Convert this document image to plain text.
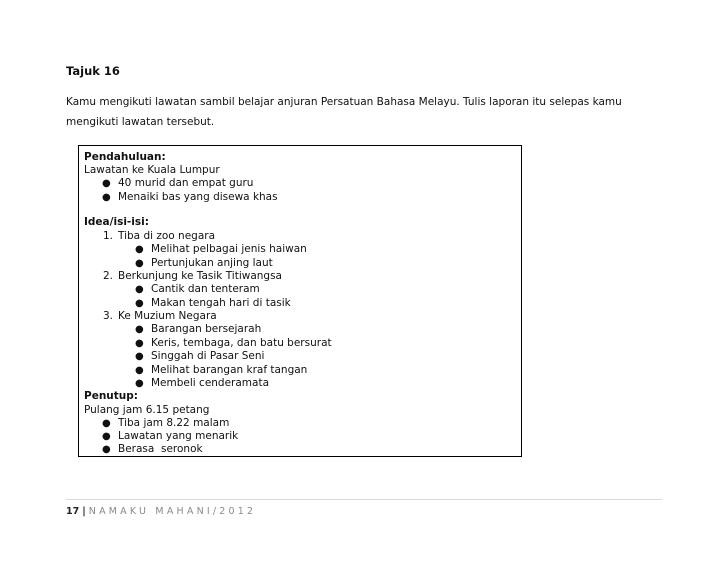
Tajuk 16
Kamu mengikuti lawatan sambil belajar anjuran Persatuan Bahasa Melayu. Tulis laporan itu selepas kamu mengikuti lawatan tersebut.
Pendahuluan:
Lawatan ke Kuala Lumpur
● 40 murid dan empat guru
● Menaiki bas yang disewa khas
Idea/isi-isi:
1. Tiba di zoo negara
● Melihat pelbagai jenis haiwan
● Pertunjukan anjing laut
2. Berkunjung ke Tasik Titiwangsa
● Cantik dan tenteram
● Makan tengah hari di tasik
3. Ke Muzium Negara
● Barangan bersejarah
● Keris, tembaga, dan batu bersurat
● Singgah di Pasar Seni
● Melihat barangan kraf tangan
● Membeli cenderamata
Penutup:
Pulang jam 6.15 petang
● Tiba jam 8.22 malam
● Lawatan yang menarik
● Berasa  seronok
17 | NAMAKU MAHANI/2012
